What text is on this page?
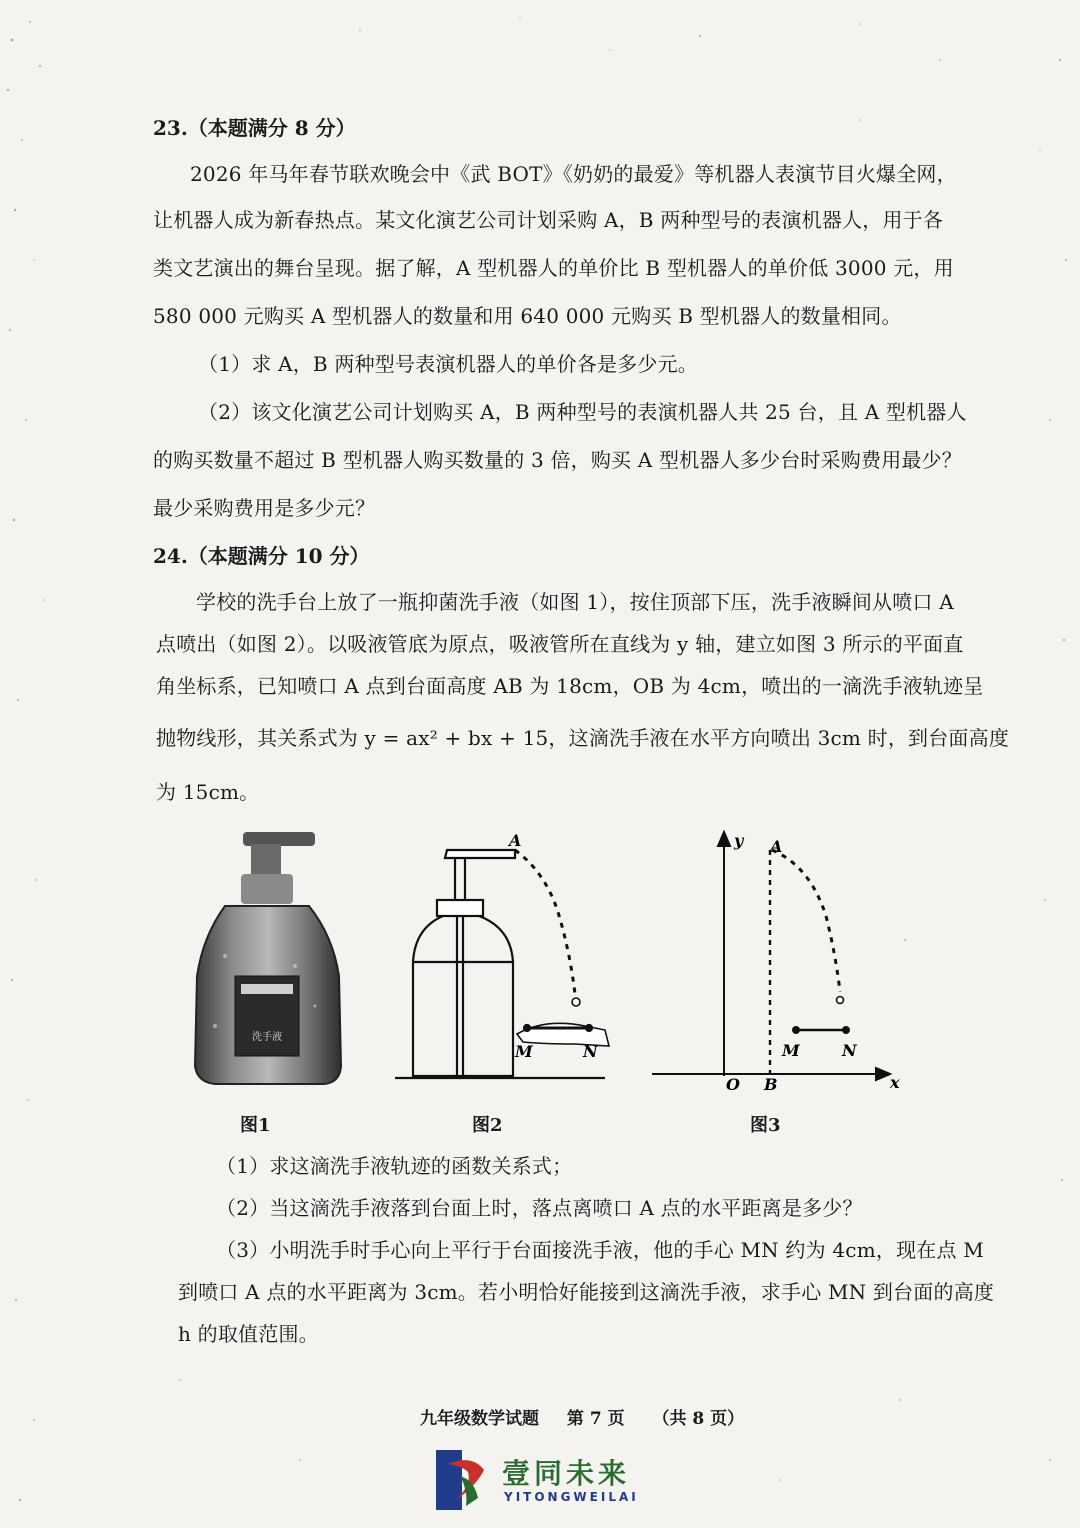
23.（本题满分 8 分）
2026 年马年春节联欢晚会中《武 BOT》《奶奶的最爱》等机器人表演节目火爆全网，
让机器人成为新春热点。某文化演艺公司计划采购 A，B 两种型号的表演机器人，用于各
类文艺演出的舞台呈现。据了解，A 型机器人的单价比 B 型机器人的单价低 3000 元，用
580 000 元购买 A 型机器人的数量和用 640 000 元购买 B 型机器人的数量相同。
（1）求 A，B 两种型号表演机器人的单价各是多少元。
（2）该文化演艺公司计划购买 A，B 两种型号的表演机器人共 25 台，且 A 型机器人
的购买数量不超过 B 型机器人购买数量的 3 倍，购买 A 型机器人多少台时采购费用最少？
最少采购费用是多少元？
24.（本题满分 10 分）
学校的洗手台上放了一瓶抑菌洗手液（如图 1），按住顶部下压，洗手液瞬间从喷口 A
点喷出（如图 2）。以吸液管底为原点，吸液管所在直线为 y 轴，建立如图 3 所示的平面直
角坐标系，已知喷口 A 点到台面高度 AB 为 18cm，OB 为 4cm，喷出的一滴洗手液轨迹呈
抛物线形，其关系式为 y = ax² + bx + 15，这滴洗手液在水平方向喷出 3cm 时，到台面高度
为 15cm。
洗手液
A
M	N
y
x
A
O B
M	N
图1	图2	图3
（1）求这滴洗手液轨迹的函数关系式；
（2）当这滴洗手液落到台面上时，落点离喷口 A 点的水平距离是多少？
（3）小明洗手时手心向上平行于台面接洗手液，他的手心 MN 约为 4cm，现在点 M
到喷口 A 点的水平距离为 3cm。若小明恰好能接到这滴洗手液，求手心 MN 到台面的高度
h 的取值范围。
九年级数学试题 第 7 页 （共 8 页）
壹同未来
YITONGWEILAI
